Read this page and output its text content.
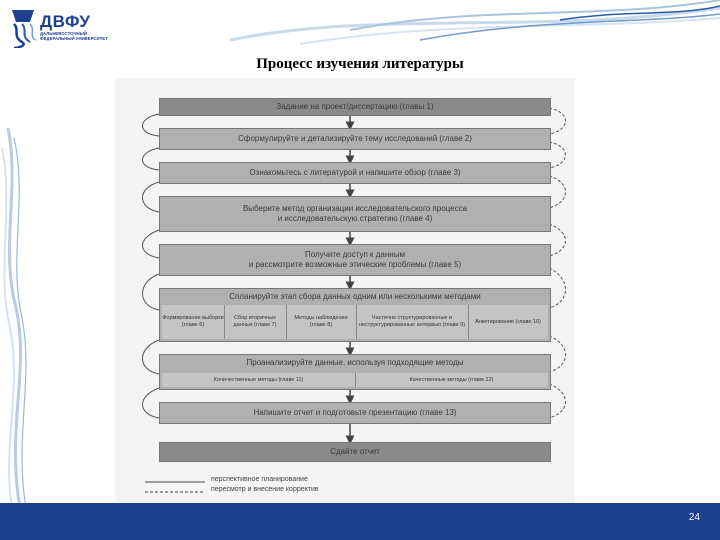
ДВФУ
ДАЛЬНЕВОСТОЧНЫЙ ФЕДЕРАЛЬНЫЙ УНИВЕРСИТЕТ
Процесс изучения литературы
Задание на проект/диссертацию (главы 1)
Сформулируйте и детализируйте тему исследований (главе 2)
Ознакомьтесь с литературой и напишите обзор (главе 3)
Выберите метод организации исследовательского процесса
и исследовательскую стратегию (главе 4)
Получите доступ к данным
и рассмотрите возможные этические проблемы (главе 5)
Спланируйте этап сбора данных одним или несколькими методами
Формирование выборки (главе 6)
Сбор вторичных данных (главе 7)
Методы наблюдения (главе 8)
Частично структурированные и неструктурированные интервью (главе 9)
Анкетирование (главе 10)
Проанализируйте данные, используя подходящие методы
Количественные методы (главе 11)	Качественные методы (главе 12)
Напишите отчет и подготовьте презентацию (главе 13)
Сдайте отчет
перспективное планирование
пересмотр и внесение корректив
24
